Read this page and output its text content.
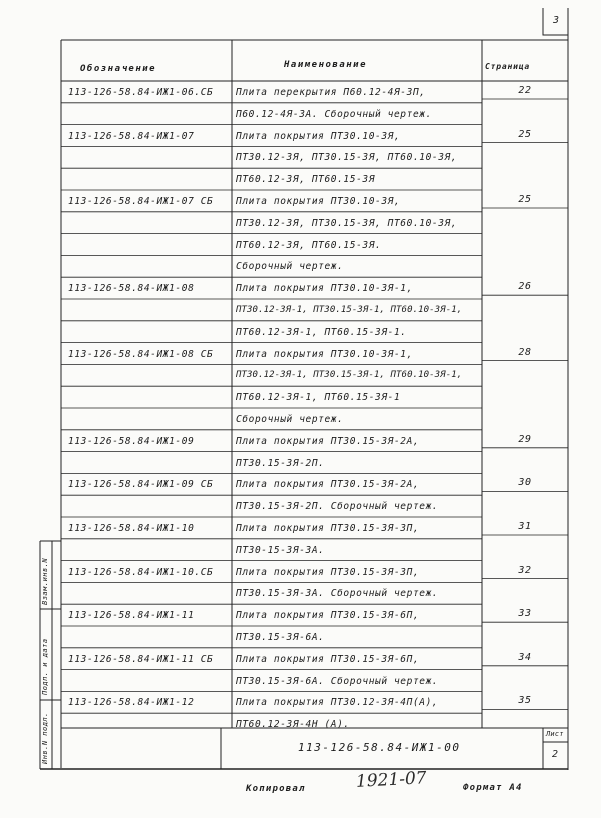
3
Обозначение	Наименование	Страница
113-126-58.84-ИЖ1-06.СБ Плита перекрытия П60.12-4Я-3П,	22
П60.12-4Я-3А. Сборочный чертеж.
113-126-58.84-ИЖ1-07	Плита покрытия ПТ30.10-3Я,	25
ПТ30.12-3Я, ПТ30.15-3Я, ПТ60.10-3Я,
ПТ60.12-3Я, ПТ60.15-3Я
113-126-58.84-ИЖ1-07 СБ Плита покрытия ПТ30.10-3Я,	25
ПТ30.12-3Я, ПТ30.15-3Я, ПТ60.10-3Я,
ПТ60.12-3Я, ПТ60.15-3Я.
Сборочный чертеж.
113-126-58.84-ИЖ1-08	Плита покрытия ПТ30.10-3Я-1,	26
ПТ30.12-3Я-1, ПТ30.15-3Я-1, ПТ60.10-3Я-1,
ПТ60.12-3Я-1, ПТ60.15-3Я-1.
113-126-58.84-ИЖ1-08 СБ Плита покрытия ПТ30.10-3Я-1,	28
ПТ30.12-3Я-1, ПТ30.15-3Я-1, ПТ60.10-3Я-1,
ПТ60.12-3Я-1, ПТ60.15-3Я-1
Сборочный чертеж.
113-126-58.84-ИЖ1-09	Плита покрытия ПТ30.15-3Я-2А,	29
ПТ30.15-3Я-2П.
113-126-58.84-ИЖ1-09 СБ Плита покрытия ПТ30.15-3Я-2А,	30
ПТ30.15-3Я-2П. Сборочный чертеж.
113-126-58.84-ИЖ1-10	Плита покрытия ПТ30.15-3Я-3П,	31
ПТ30-15-3Я-3А.
113-126-58.84-ИЖ1-10.СБ Плита покрытия ПТ30.15-3Я-3П,	32
ПТ30.15-3Я-3А. Сборочный чертеж.
113-126-58.84-ИЖ1-11	Плита покрытия ПТ30.15-3Я-6П,	33
ПТ30.15-3Я-6А.
113-126-58.84-ИЖ1-11 СБ Плита покрытия ПТ30.15-3Я-6П,	34
ПТ30.15-3Я-6А. Сборочный чертеж.
113-126-58.84-ИЖ1-12	Плита покрытия ПТ30.12-3Я-4П(А),	35
ПТ60.12-3Я-4Н (А).
113-126-58.84-ИЖ1-00
Лист
2
Взам.инв.N
Подп. и дата
Инв.N подл.
Копировал	1921-07	Формат А4
